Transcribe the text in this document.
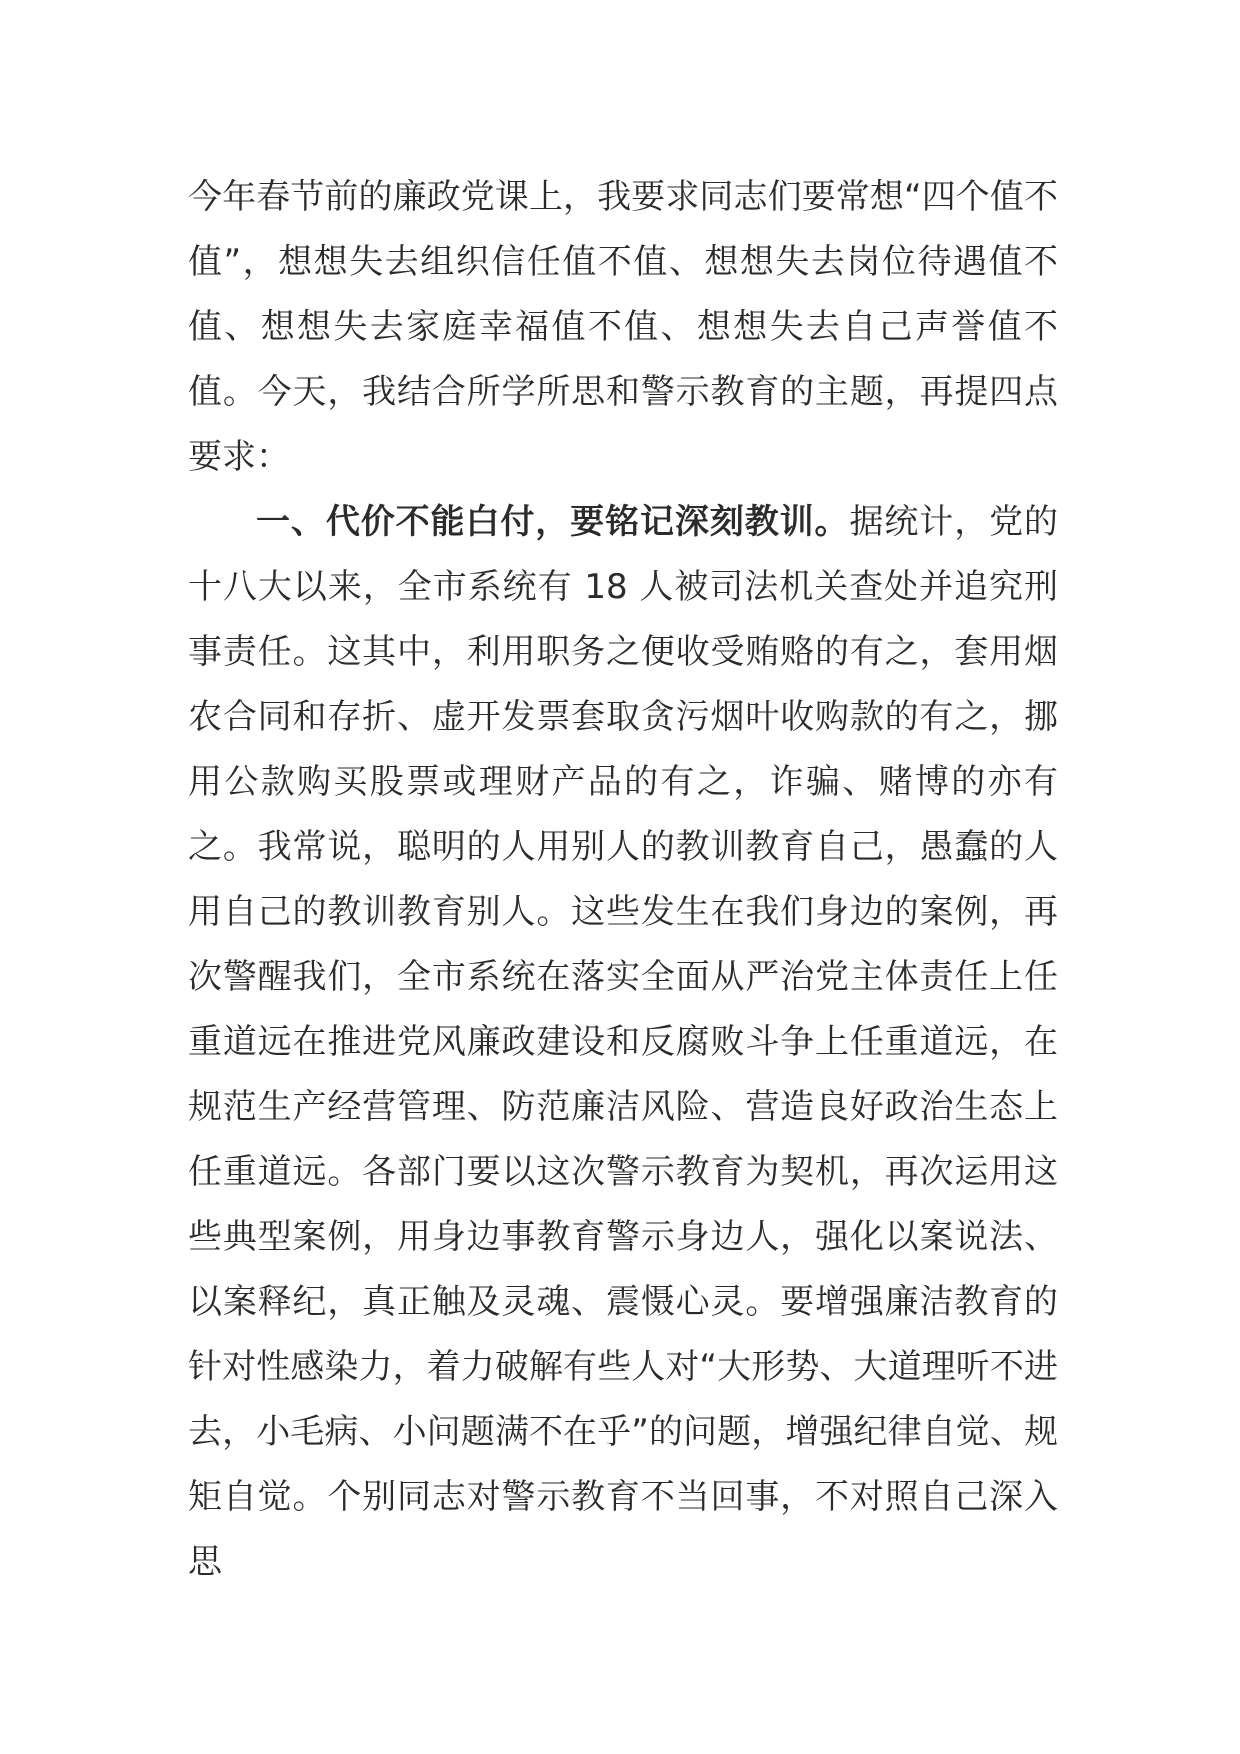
今年春节前的廉政党课上，我要求同志们要常想“四个值不值”，想想失去组织信任值不值、想想失去岗位待遇值不值、想想失去家庭幸福值不值、想想失去自己声誉值不值。今天，我结合所学所思和警示教育的主题，再提四点要求：

一、代价不能白付，要铭记深刻教训。据统计，党的十八大以来，全市系统有 18 人被司法机关查处并追究刑事责任。这其中，利用职务之便收受贿赂的有之，套用烟农合同和存折、虚开发票套取贪污烟叶收购款的有之，挪用公款购买股票或理财产品的有之，诈骗、赌博的亦有之。我常说，聪明的人用别人的教训教育自己，愚蠢的人用自己的教训教育别人。这些发生在我们身边的案例，再次警醒我们，全市系统在落实全面从严治党主体责任上任重道远在推进党风廉政建设和反腐败斗争上任重道远，在规范生产经营管理、防范廉洁风险、营造良好政治生态上任重道远。各部门要以这次警示教育为契机，再次运用这些典型案例，用身边事教育警示身边人，强化以案说法、以案释纪，真正触及灵魂、震慑心灵。要增强廉洁教育的针对性感染力，着力破解有些人对“大形势、大道理听不进去，小毛病、小问题满不在乎”的问题，增强纪律自觉、规矩自觉。个别同志对警示教育不当回事，不对照自己深入思
